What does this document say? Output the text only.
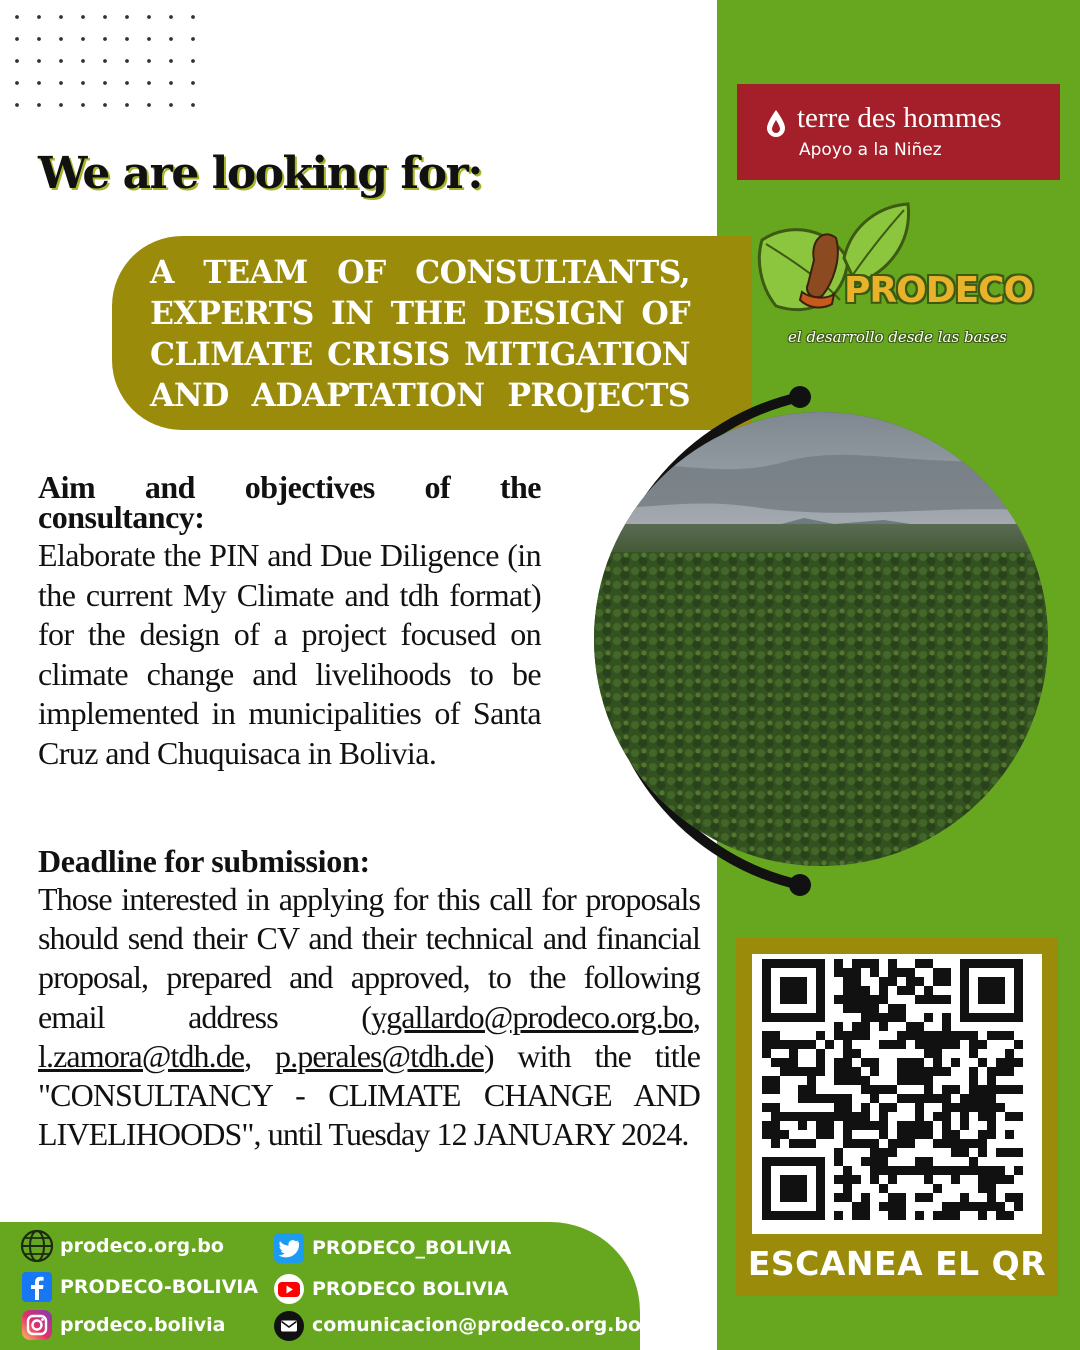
We are looking for:
A TEAM OF CONSULTANTS,
EXPERTS IN THE DESIGN OF
CLIMATE CRISIS MITIGATION
AND ADAPTATION PROJECTS
terre des hommes
Apoyo a la Niñez
PRODECO
el desarrollo desde las bases
Aim and objectives of the
consultancy:

Elaborate the PIN and Due Diligence (in the current My Climate and tdh format) for the design of a project focused on climate change and livelihoods to be implemented in municipalities of Santa Cruz and Chuquisaca in Bolivia.

Deadline for submission:

Those interested in applying for this call for proposals should send their CV and their technical and financial proposal, prepared and approved, to the following email address (ygallardo@prodeco.org.bo, l.zamora@tdh.de, p.perales@tdh.de) with the title "CONSULTANCY - CLIMATE CHANGE AND LIVELIHOODS", until Tuesday 12 JANUARY 2024.

prodeco.org.bo
PRODECO-BOLIVIA
prodeco.bolivia
PRODECO_BOLIVIA
PRODECO BOLIVIA
comunicacion@prodeco.org.bo
ESCANEA EL QR
